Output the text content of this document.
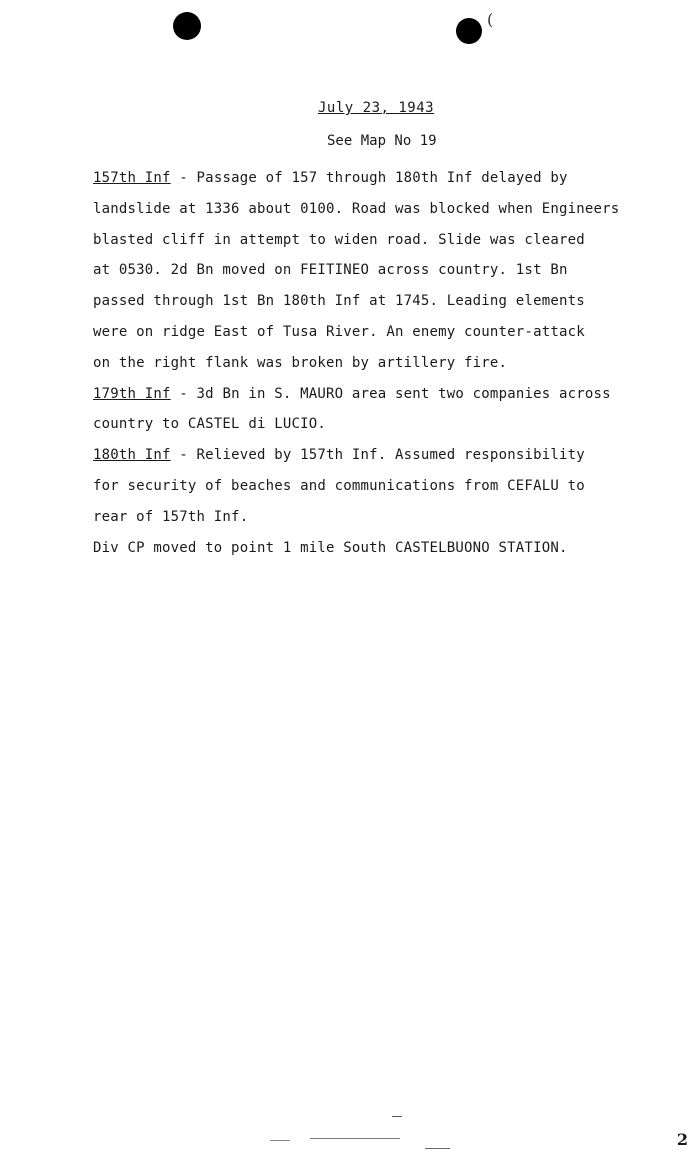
(
July 23, 1943
See Map No 19
157th Inf - Passage of 157 through 180th Inf delayed by
landslide at 1336 about 0100. Road was blocked when Engineers
blasted cliff in attempt to widen road. Slide was cleared
at 0530. 2d Bn moved on FEITINEO across country. 1st Bn
passed through 1st Bn 180th Inf at 1745. Leading elements
were on ridge East of Tusa River. An enemy counter-attack
on the right flank was broken by artillery fire.
179th Inf - 3d Bn in S. MAURO area sent two companies across
country to CASTEL di LUCIO.
180th Inf - Relieved by 157th Inf. Assumed responsibility
for security of beaches and communications from CEFALU to
rear of 157th Inf.
Div CP moved to point 1 mile South CASTELBUONO STATION.
2
